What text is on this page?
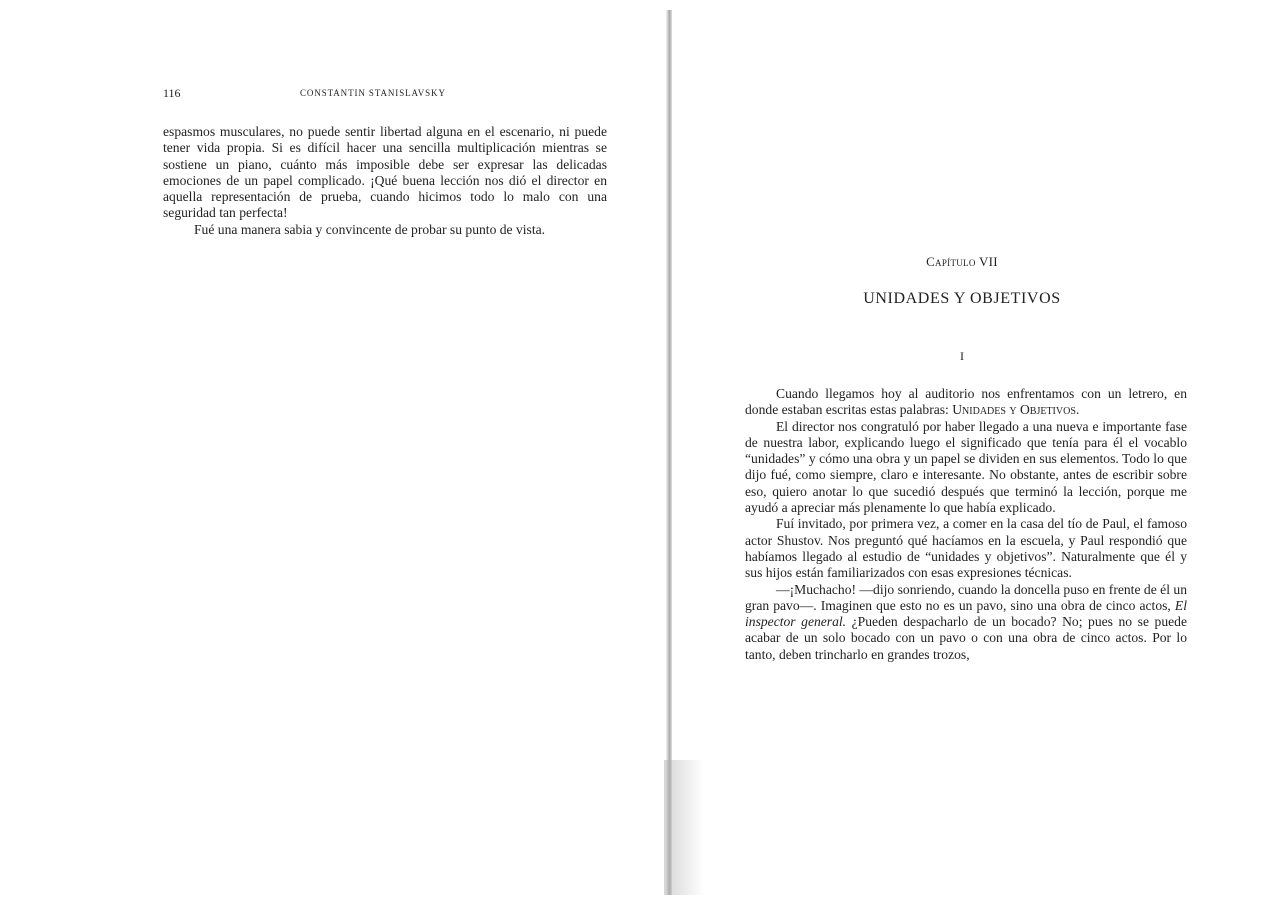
116	CONSTANTIN STANISLAVSKY

espasmos musculares, no puede sentir libertad alguna en el escenario, ni puede tener vida propia. Si es difícil hacer una sencilla multiplicación mientras se sostiene un piano, cuánto más imposible debe ser expresar las delicadas emociones de un papel complicado. ¡Qué buena lección nos dió el director en aquella representación de prueba, cuando hicimos todo lo malo con una seguridad tan perfecta!

Fué una manera sabia y convincente de probar su punto de vista.

Capítulo VII
UNIDADES Y OBJETIVOS
I

Cuando llegamos hoy al auditorio nos enfrentamos con un letrero, en donde estaban escritas estas palabras: Unidades y Objetivos.

El director nos congratuló por haber llegado a una nueva e importante fase de nuestra labor, explicando luego el significado que tenía para él el vocablo “unidades” y cómo una obra y un papel se dividen en sus elementos. Todo lo que dijo fué, como siempre, claro e interesante. No obstante, antes de escribir sobre eso, quiero anotar lo que sucedió después que terminó la lección, porque me ayudó a apreciar más plenamente lo que había explicado.

Fuí invitado, por primera vez, a comer en la casa del tío de Paul, el famoso actor Shustov. Nos preguntó qué hacíamos en la escuela, y Paul respondió que habíamos llegado al estudio de “unidades y objetivos”. Naturalmente que él y sus hijos están familiarizados con esas expresiones técnicas.

—¡Muchacho! —dijo sonriendo, cuando la doncella puso en frente de él un gran pavo—. Imaginen que esto no es un pavo, sino una obra de cinco actos, El inspector general. ¿Pueden despacharlo de un bocado? No; pues no se puede acabar de un solo bocado con un pavo o con una obra de cinco actos. Por lo tanto, deben trincharlo en grandes trozos,
